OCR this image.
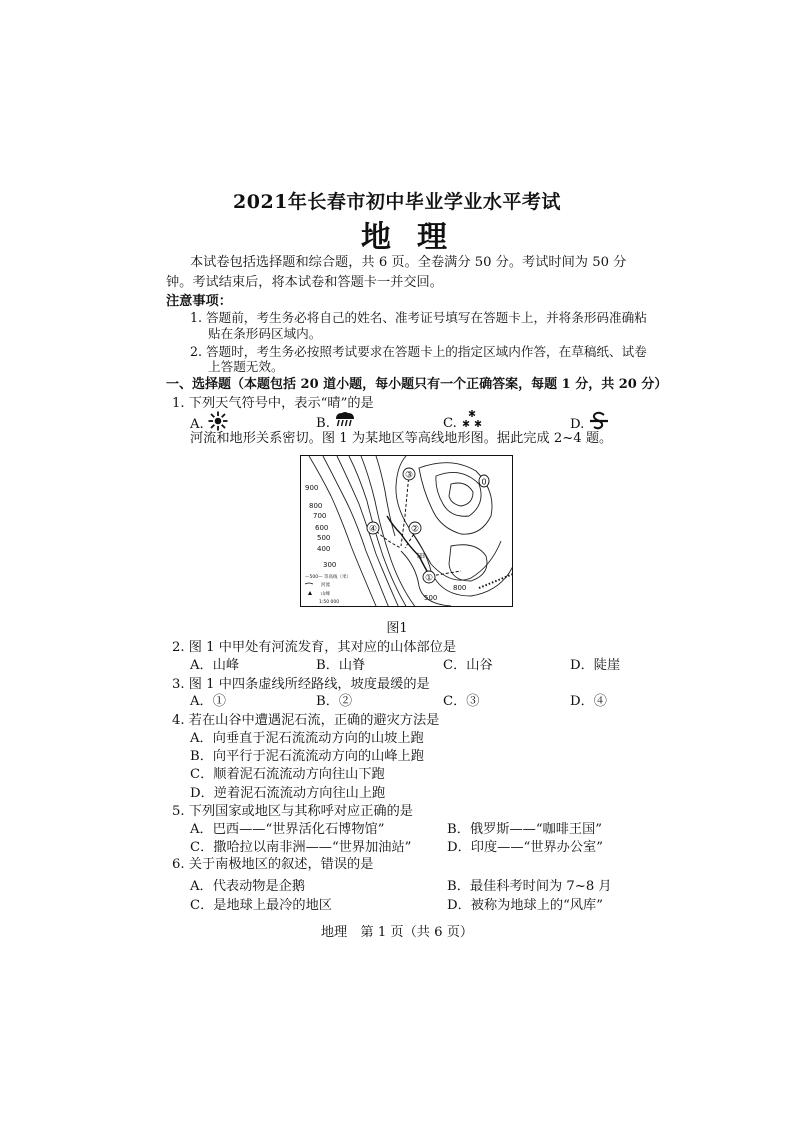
2021年长春市初中毕业学业水平考试
地理
本试卷包括选择题和综合题，共 6 页。全卷满分 50 分。考试时间为 50 分
钟。考试结束后，将本试卷和答题卡一并交回。
注意事项：
1. 答题前，考生务必将自己的姓名、准考证号填写在答题卡上，并将条形码准确粘
贴在条形码区域内。
2. 答题时，考生务必按照考试要求在答题卡上的指定区域内作答，在草稿纸、试卷
上答题无效。
一、选择题（本题包括 20 道小题，每小题只有一个正确答案，每题 1 分，共 20 分）
1. 下列天气符号中，表示“晴”的是
A.	B.	C.	D.
河流和地形关系密切。图 1 为某地区等高线地形图。据此完成 2~4 题。
③
②
④
①
0
甲
900
800
700
600
500
400
300
500
800
—500— 等高线（米）
河流
山峰
1:50 000
图1
2. 图 1 中甲处有河流发育，其对应的山体部位是
A．山峰	B．山脊	C．山谷	D．陡崖
3. 图 1 中四条虚线所经路线，坡度最缓的是
A．①	B．②	C．③	D．④
4. 若在山谷中遭遇泥石流，正确的避灾方法是
A．向垂直于泥石流流动方向的山坡上跑
B．向平行于泥石流流动方向的山峰上跑
C．顺着泥石流流动方向往山下跑
D．逆着泥石流流动方向往山上跑
5. 下列国家或地区与其称呼对应正确的是
A．巴西——“世界活化石博物馆”	B．俄罗斯——“咖啡王国”
C．撒哈拉以南非洲——“世界加油站”	D．印度——“世界办公室”
6. 关于南极地区的叙述，错误的是
A．代表动物是企鹅	B．最佳科考时间为 7~8 月
C．是地球上最冷的地区	D．被称为地球上的“风库”
地理　第 1 页（共 6 页）
